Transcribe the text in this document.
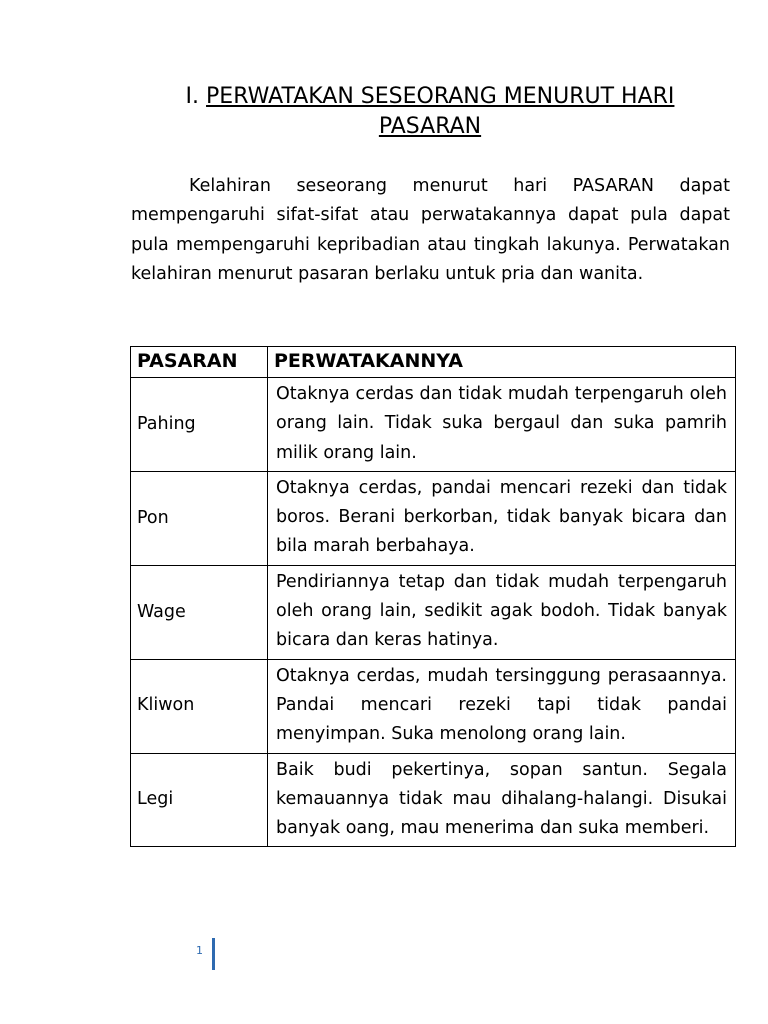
I. PERWATAKAN SESEORANG MENURUT HARI PASARAN

Kelahiran seseorang menurut hari PASARAN dapat mempengaruhi sifat-sifat atau perwatakannya dapat pula dapat pula mempengaruhi kepribadian atau tingkah lakunya. Perwatakan kelahiran menurut pasaran berlaku untuk pria dan wanita.

PASARAN	PERWATAKANNYA
Pahing	Otaknya cerdas dan tidak mudah terpengaruh oleh orang lain. Tidak suka bergaul dan suka pamrih milik orang lain.
Pon	Otaknya cerdas, pandai mencari rezeki dan tidak boros. Berani berkorban, tidak banyak bicara dan bila marah berbahaya.
Wage	Pendiriannya tetap dan tidak mudah terpengaruh oleh orang lain, sedikit agak bodoh. Tidak banyak bicara dan keras hatinya.
Kliwon	Otaknya cerdas, mudah tersinggung perasaannya. Pandai mencari rezeki tapi tidak pandai menyimpan. Suka menolong orang lain.
Legi	Baik budi pekertinya, sopan santun. Segala kemauannya tidak mau dihalang-halangi. Disukai banyak oang, mau menerima dan suka memberi.
1
